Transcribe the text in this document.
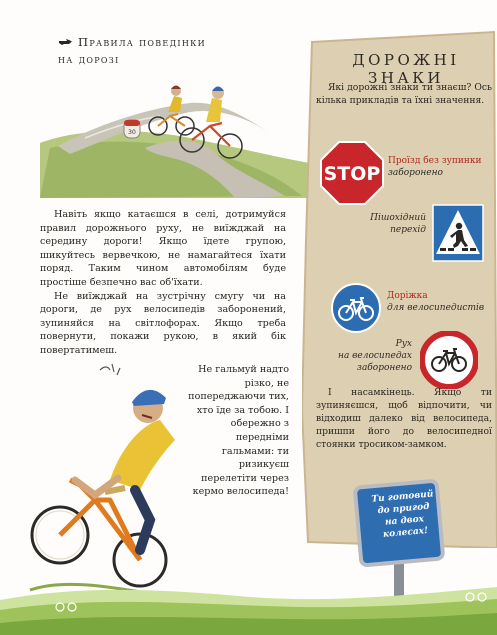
Правила поведінки
на дорозі
30

Навіть якщо катаєшся в селі, дотримуйся правил дорожнього руху, не виїжджай на середину дороги! Якщо їдете групою, шикуйтесь вервечкою, не намагайтеся їхати поряд. Таким чином автомобілям буде простіше безпечно вас об'їхати.

Не виїжджай на зустрічну смугу чи на дороги, де рух велосипедів заборонений, зупиняйся на світлофорах. Якщо треба повернути, покажи рукою, в який бік повертатимеш.

Не гальмуй надто різко, не попереджаючи тих, хто їде за тобою. І обережно з передніми гальмами: ти ризикуєш перелетіти через кермо велосипеда!

ДОРОЖНІ ЗНАКИ

Які дорожні знаки ти знаєш? Ось кілька прикладів та їхні значення.

STOP
Проїзд без зупинки заборонено
Пішохідний
перехід
Доріжка
для велосипедистів
Рух
на велосипедах
заборонено

І насамкінець. Якщо ти зупиняєшся, щоб відпочити, чи відходиш далеко від велосипеда, пришпи його до велосипедної стоянки тросиком-замком.

Ти готовий
до пригод
на двох
колесах!
